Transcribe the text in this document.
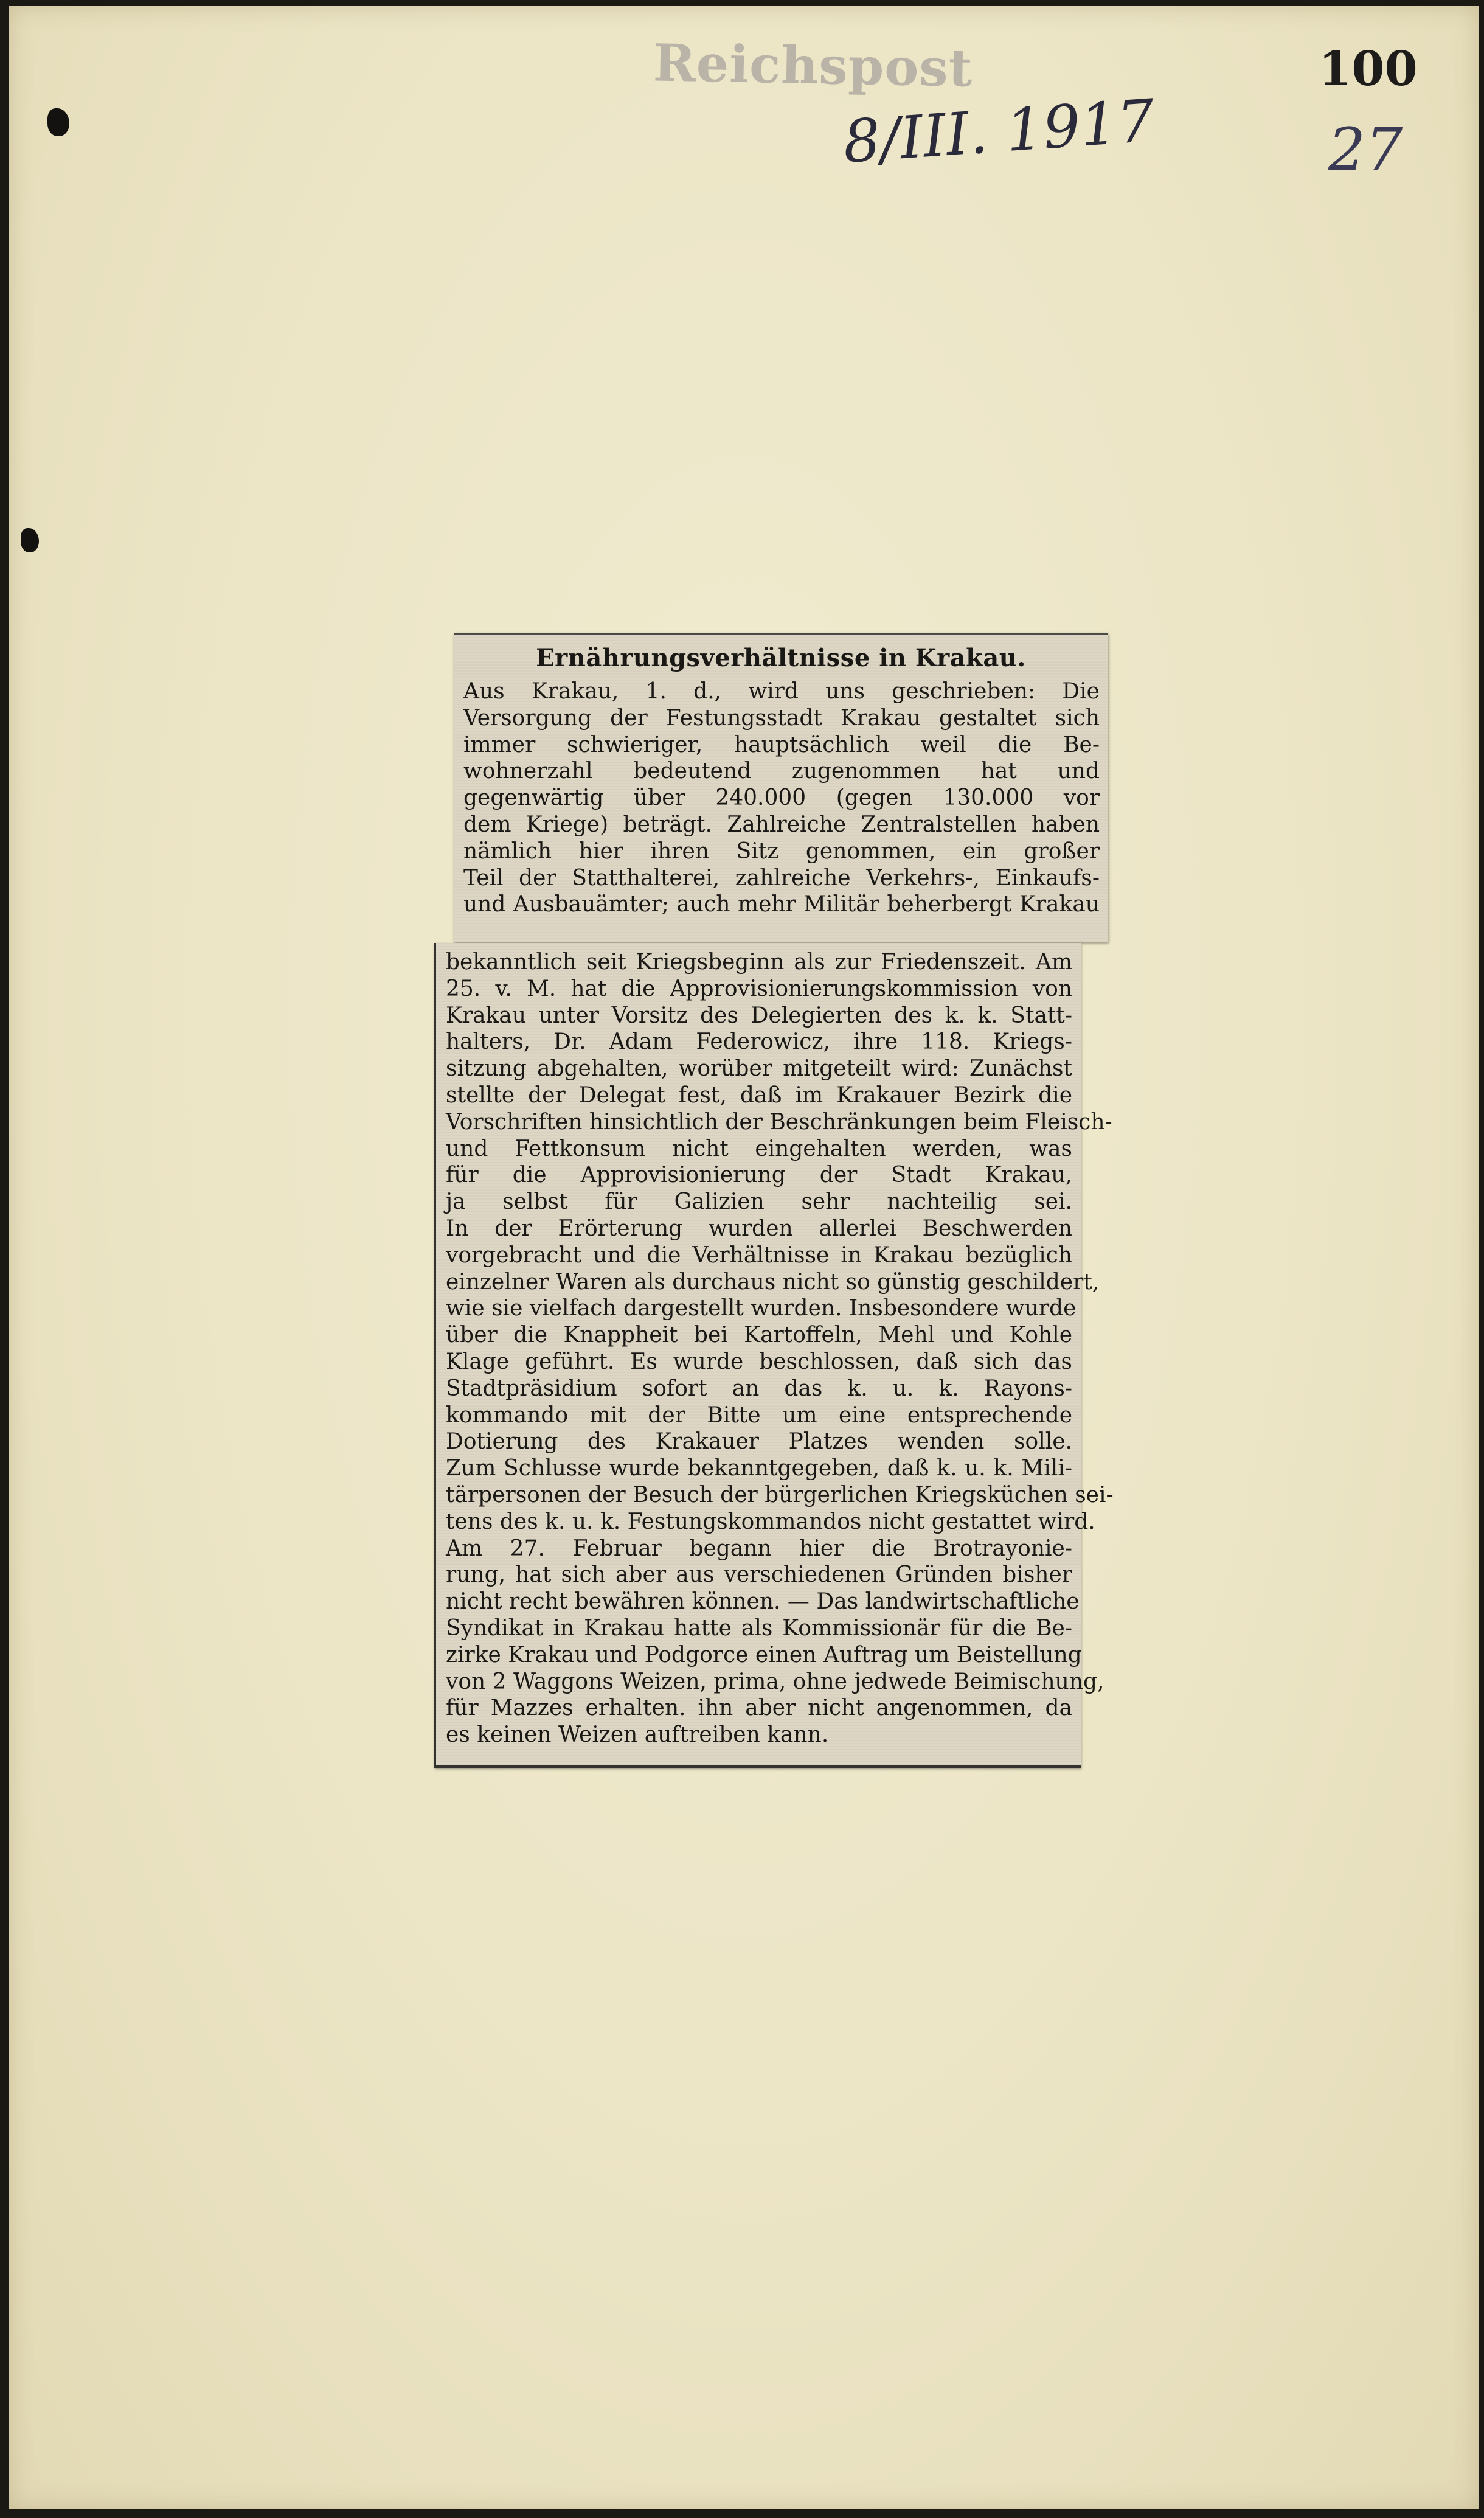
Reichspost
8/III. 1917
100
27
Ernährungsverhältnisse in Krakau.
Aus Krakau, 1. d., wird uns geschrieben: Die
Versorgung der Festungsstadt Krakau gestaltet sich
immer schwieriger, hauptsächlich weil die Be-
wohnerzahl bedeutend zugenommen hat und
gegenwärtig über 240.000 (gegen 130.000 vor
dem Kriege) beträgt. Zahlreiche Zentralstellen haben
nämlich hier ihren Sitz genommen, ein großer
Teil der Statthalterei, zahlreiche Verkehrs-, Einkaufs-
und Ausbauämter; auch mehr Militär beherbergt Krakau
bekanntlich seit Kriegsbeginn als zur Friedenszeit. Am
25. v. M. hat die Approvisionierungskommission von
Krakau unter Vorsitz des Delegierten des k. k. Statt-
halters, Dr. Adam Federowicz, ihre 118. Kriegs-
sitzung abgehalten, worüber mitgeteilt wird: Zunächst
stellte der Delegat fest, daß im Krakauer Bezirk die
Vorschriften hinsichtlich der Beschränkungen beim Fleisch-
und Fettkonsum nicht eingehalten werden, was
für die Approvisionierung der Stadt Krakau,
ja selbst für Galizien sehr nachteilig sei.
In der Erörterung wurden allerlei Beschwerden
vorgebracht und die Verhältnisse in Krakau bezüglich
einzelner Waren als durchaus nicht so günstig geschildert,
wie sie vielfach dargestellt wurden. Insbesondere wurde
über die Knappheit bei Kartoffeln, Mehl und Kohle
Klage geführt. Es wurde beschlossen, daß sich das
Stadtpräsidium sofort an das k. u. k. Rayons-
kommando mit der Bitte um eine entsprechende
Dotierung des Krakauer Platzes wenden solle.
Zum Schlusse wurde bekanntgegeben, daß k. u. k. Mili-
tärpersonen der Besuch der bürgerlichen Kriegsküchen sei-
tens des k. u. k. Festungskommandos nicht gestattet wird.
Am 27. Februar begann hier die Brotrayonie-
rung, hat sich aber aus verschiedenen Gründen bisher
nicht recht bewähren können. — Das landwirtschaftliche
Syndikat in Krakau hatte als Kommissionär für die Be-
zirke Krakau und Podgorce einen Auftrag um Beistellung
von 2 Waggons Weizen, prima, ohne jedwede Beimischung,
für Mazzes erhalten. ihn aber nicht angenommen, da
es keinen Weizen auftreiben kann.
